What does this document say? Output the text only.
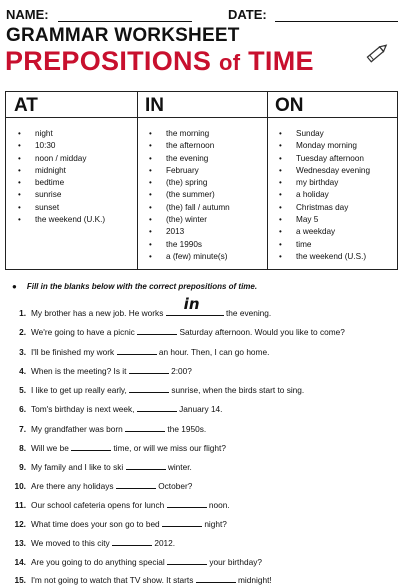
NAME:	DATE:
GRAMMAR WORKSHEET
PREPOSITIONS of TIME
AT
• night
• 10:30
• noon / midday
• midnight
• bedtime
• sunrise
• sunset
• the weekend (U.K.)
IN
• the morning
• the afternoon
• the evening
• February
• (the) spring
• (the summer)
• (the) fall / autumn
• (the) winter
• 2013
• the 1990s
• a (few) minute(s)
ON
• Sunday
• Monday morning
• Tuesday afternoon
• Wednesday evening
• my birthday
• a holiday
• Christmas day
• May 5
• a weekday
• time
• the weekend (U.S.)
● Fill in the blanks below with the correct prepositions of time.
1. My brother has a new job. He works in	the evening.
2. We're going to have a picnic	Saturday afternoon. Would you like to come?
3. I'll be finished my work	an hour. Then, I can go home.
4. When is the meeting? Is it	2:00?
5. I like to get up really early,	sunrise, when the birds start to sing.
6. Tom's birthday is next week,	January 14.
7. My grandfather was born	the 1950s.
8. Will we be	time, or will we miss our flight?
9. My family and I like to ski	winter.
10. Are there any holidays	October?
11. Our school cafeteria opens for lunch	noon.
12. What time does your son go to bed	night?
13. We moved to this city	2012.
14. Are you going to do anything special	your birthday?
15. I'm not going to watch that TV show. It starts	midnight!
